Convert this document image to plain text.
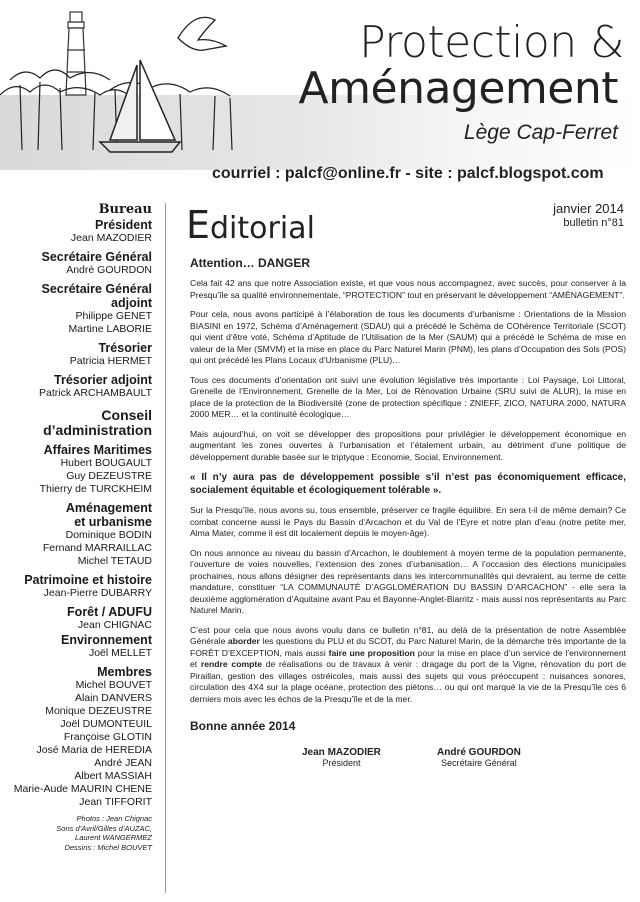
Protection &
Aménagement
Lège Cap-Ferret
courriel : palcf@online.fr - site : palcf.blogspot.com
Bureau
Président
Jean MAZODIER
Secrétaire Général
André GOURDON
Secrétaire Général
adjoint
Philippe GENET
Martine LABORIE
Trésorier
Patricia HERMET
Trésorier adjoint
Patrick ARCHAMBAULT
Conseil
d’administration
Affaires Maritimes
Hubert BOUGAULT
Guy DEZEUSTRE
Thierry de TURCKHEIM
Aménagement
et urbanisme
Dominique BODIN
Fernand MARRAILLAC
Michel TETAUD
Patrimoine et histoire
Jean-Pierre DUBARRY
Forêt / ADUFU
Jean CHIGNAC
Environnement
Joël MELLET
Membres
Michel BOUVET
Alain DANVERS
Monique DEZEUSTRE
Joël DUMONTEUIL
Françoise GLOTIN
José Maria de HEREDIA
André JEAN
Albert MASSIAH
Marie-Aude MAURIN CHENE
Jean TIFFORIT
Photos : Jean Chignac
Sons d’Avril/Gilles d’AUZAC,
Laurent WANGERMEZ
Dessins : Michel BOUVET
Editorial
janvier 2014
bulletin n°81
Attention… DANGER

Cela fait 42 ans que notre Association existe, et que vous nous accompagnez, avec succès, pour conserver à la Presqu’île sa qualité environnementale, “PROTECTION” tout en préservant le développement “AMÉNAGEMENT”.

Pour cela, nous avons participé à l’élaboration de tous les documents d’urbanisme : Orientations de la Mission BIASINI en 1972, Schéma d’Aménagement (SDAU) qui a précédé le Schéma de COhérence Territoriale (SCOT) qui vient d’être voté, Schéma d’Aptitude de l’Utilisation de la Mer (SAUM) qui a précédé le Schéma de mise en valeur de la Mer (SMVM) et la mise en place du Parc Naturel Marin (PNM), les plans d’Occupation des Sols (POS) qui ont précédé les Plans Locaux d’Urbanisme (PLU)…

Tous ces documents d’orientation ont suivi une évolution législative très importante : Loi Paysage, Loi Littoral, Grenelle de l’Environnement, Grenelle de la Mer, Loi de Rénovation Urbaine (SRU suivi de ALUR), la mise en place de la protection de la Biodiversité (zone de protection spécifique : ZNIEFF, ZICO, NATURA 2000, NATURA 2000 MER… et la continuité écologique…

Mais aujourd’hui, on voit se développer des propositions pour privilégier le développement économique en augmentant les zones ouvertes à l’urbanisation et l’étalement urbain, au détriment d’une politique de développement durable basée sur le triptyque : Economie, Social, Environnement.

« Il n’y aura pas de développement possible s’il n’est pas économiquement efficace, socialement équitable et écologiquement tolérable ».

Sur la Presqu’île, nous avons su, tous ensemble, préserver ce fragile équilibre. En sera t-il de même demain? Ce combat concerne aussi le Pays du Bassin d’Arcachon et du Val de l’Eyre et notre plan d’eau (notre petite mer, Alma Mater, comme il est dit localement depuis le moyen-âge).

On nous annonce au niveau du bassin d’Arcachon, le doublement à moyen terme de la population permanente, l’ouverture de voies nouvelles, l’extension des zones d’urbanisation… A l’occasion des élections municipales prochaines, nous allons désigner des représentants dans les intercommunalités qui devraient, au terme de cette mandature, constituer “LA COMMUNAUTÉ D’AGGLOMÉRATION DU BASSIN D’ARCACHON” - elle sera la deuxième agglomération d’Aquitaine avant Pau et Bayonne-Anglet-Biarritz - mais aussi nos représentants au Parc Naturel Marin.

C’est pour cela que nous avons voulu dans ce bulletin n°81, au delà de la présentation de notre Assemblée Générale aborder les questions du PLU et du SCOT, du Parc Naturel Marin, de la démarche très importante de la FORÊT D’EXCEPTION, mais aussi faire une proposition pour la mise en place d’un service de l’environnement et rendre compte de réalisations ou de travaux à venir : dragage du port de la Vigne, rénovation du port de Piraillan, gestion des villages ostréicoles, mais aussi des sujets qui vous préoccupent : nuisances sonores, circulation des 4X4 sur la plage océane, protection des piétons… ou qui ont marqué la vie de la Presqu’île ces 6 derniers mois avec les échos de la Presqu’île et de la mer.

Bonne année 2014
Jean MAZODIER
Président
André GOURDON
Secrétaire Général
